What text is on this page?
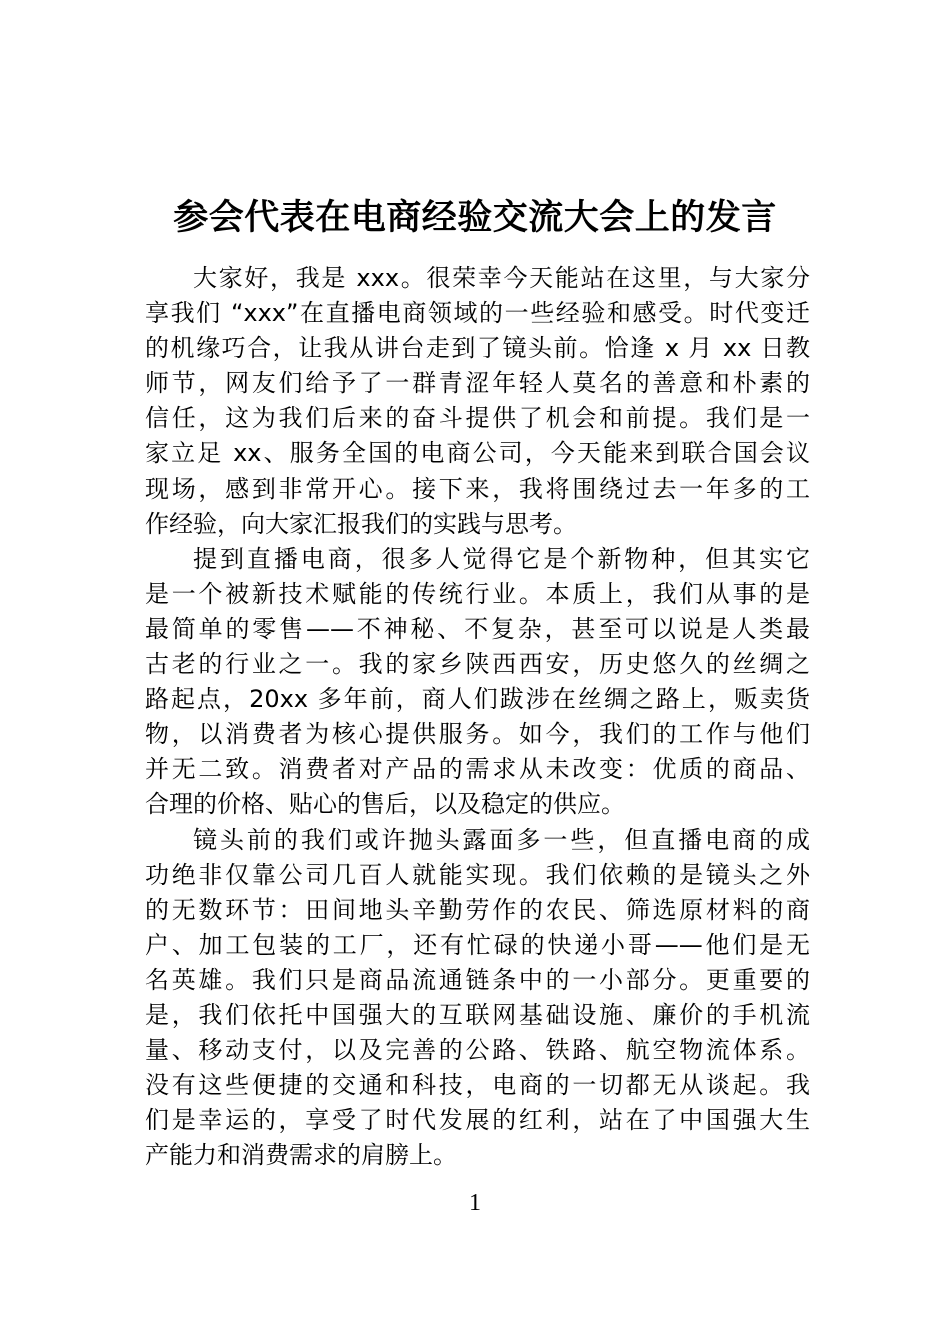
参会代表在电商经验交流大会上的发言
大家好，我是 xxx。很荣幸今天能站在这里，与大家分
享我们 “xxx”在直播电商领域的一些经验和感受。时代变迁
的机缘巧合，让我从讲台走到了镜头前。恰逢 x 月 xx 日教
师节，网友们给予了一群青涩年轻人莫名的善意和朴素的
信任，这为我们后来的奋斗提供了机会和前提。我们是一
家立足 xx、服务全国的电商公司，今天能来到联合国会议
现场，感到非常开心。接下来，我将围绕过去一年多的工
作经验，向大家汇报我们的实践与思考。
提到直播电商，很多人觉得它是个新物种，但其实它
是一个被新技术赋能的传统行业。本质上，我们从事的是
最简单的零售——不神秘、不复杂，甚至可以说是人类最
古老的行业之一。我的家乡陕西西安，历史悠久的丝绸之
路起点，20xx 多年前，商人们跋涉在丝绸之路上，贩卖货
物，以消费者为核心提供服务。如今，我们的工作与他们
并无二致。消费者对产品的需求从未改变：优质的商品、
合理的价格、贴心的售后，以及稳定的供应。
镜头前的我们或许抛头露面多一些，但直播电商的成
功绝非仅靠公司几百人就能实现。我们依赖的是镜头之外
的无数环节：田间地头辛勤劳作的农民、筛选原材料的商
户、加工包装的工厂，还有忙碌的快递小哥——他们是无
名英雄。我们只是商品流通链条中的一小部分。更重要的
是，我们依托中国强大的互联网基础设施、廉价的手机流
量、移动支付，以及完善的公路、铁路、航空物流体系。
没有这些便捷的交通和科技，电商的一切都无从谈起。我
们是幸运的，享受了时代发展的红利，站在了中国强大生
产能力和消费需求的肩膀上。
1
